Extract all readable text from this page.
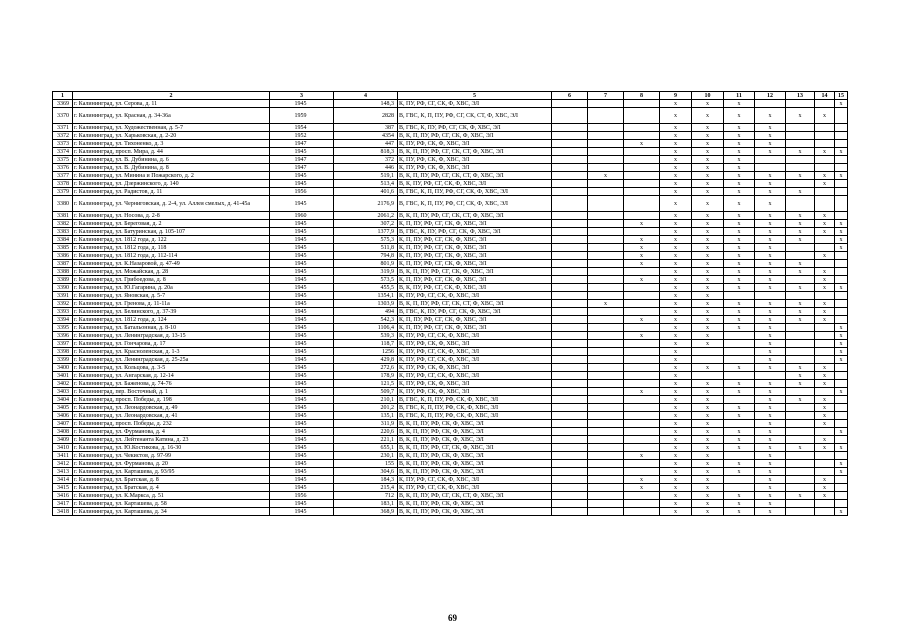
1	2	3	4	5	6	7	8	9	10	11	12	13	14	15
3369	г. Калининград, ул. Серова, д. 11	1945	148,3	К, ПУ, РФ, СГ, СК, Ф, ХВС, ЭЛ				x	x	x				x
3370	г. Калининград, ул. Красная, д. 34-36а	1959	2828	В, ГВС, К, П, ПУ, РФ, СГ, СК, СТ, Ф, ХВС, ЭЛ				x	x	x	x	x	x	
3371	г. Калининград, ул. Художественная, д. 5-7	1954	387	В, ГВС, К, ПУ, РФ, СГ, СК, Ф, ХВС, ЭЛ				x	x	x	x			
3372	г. Калининград, ул. Харьковская, д. 2-20	1952	4354	В, К, П, ПУ, РФ, СГ, СК, Ф, ХВС, ЭЛ				x	x	x	x			
3373	г. Калининград, ул. Тихоненко, д. 3	1947	447	К, ПУ, РФ, СК, Ф, ХВС, ЭЛ			x	x	x	x	x			
3374	г. Калининград, просп. Мира, д. 44	1945	818,3	В, К, П, ПУ, РФ, СГ, СК, СТ, Ф, ХВС, ЭЛ				x	x	x	x	x	x	x
3375	г. Калининград, ул. В. Дубинина, д. 6	1947	372	К, ПУ, РФ, СК, Ф, ХВС, ЭЛ				x	x	x				
3376	г. Калининград, ул. В. Дубинина, д. 8	1947	446	К, ПУ, РФ, СК, Ф, ХВС, ЭЛ				x	x	x				
3377	г. Калининград, ул. Минина и Пожарского, д. 2	1945	519,1	В, К, П, ПУ, РФ, СГ, СК, СТ, Ф, ХВС, ЭЛ		x		x	x	x	x	x	x	x
3378	г. Калининград, ул. Дзержинского, д. 140	1945	513,4	В, К, ПУ, РФ, СГ, СК, Ф, ХВС, ЭЛ				x	x	x	x		x	
3379	г. Калининград, ул. Радистов, д. 11	1956	401,6	В, ГВС, К, П, ПУ, РФ, СГ, СК, Ф, ХВС, ЭЛ				x	x	x	x	x		
3380	г. Калининград, ул. Черниговская, д. 2-4, ул. Аллея смелых, д. 41-45а	1945	2176,9	В, ГВС, К, П, ПУ, РФ, СГ, СК, Ф, ХВС, ЭЛ				x	x	x	x			
3381	г. Калининград, ул. Носова, д. 2-8	1960	2061,2	В, К, П, ПУ, РФ, СГ, СК, СТ, Ф, ХВС, ЭЛ				x	x	x	x	x	x	
3382	г. Калининград, ул. Береговая, д. 2	1945	307,2	К, П, ПУ, РФ, СГ, СК, Ф, ХВС, ЭЛ			x	x	x	x	x	x	x	x
3383	г. Калининград, ул. Батуринская, д. 105-107	1945	1377,9	В, ГВС, К, ПУ, РФ, СГ, СК, Ф, ХВС, ЭЛ				x	x	x	x	x	x	x
3384	г. Калининград, ул. 1812 года, д. 122	1945	575,3	К, П, ПУ, РФ, СГ, СК, Ф, ХВС, ЭЛ			x	x	x	x	x	x		x
3385	г. Калининград, ул. 1812 года, д. 118	1945	511,8	К, П, ПУ, РФ, СГ, СК, Ф, ХВС, ЭЛ			x	x	x	x	x			x
3386	г. Калининград, ул. 1812 года, д. 112-114	1945	794,8	К, П, ПУ, РФ, СГ, СК, Ф, ХВС, ЭЛ			x	x	x	x	x		x	
3387	г. Калининград, ул. К.Назаровой, д. 47-49	1945	801,9	К, П, ПУ, РФ, СГ, СК, Ф, ХВС, ЭЛ			x	x	x	x	x	x		
3388	г. Калининград, ул. Можайская, д. 28	1945	319,9	В, К, П, ПУ, РФ, СГ, СК, Ф, ХВС, ЭЛ				x	x	x	x	x	x	
3389	г. Калининград, ул. Грибоедова, д. 8	1945	573,5	К, П, ПУ, РФ, СГ, СК, Ф, ХВС, ЭЛ			x	x	x	x	x		x	
3390	г. Калининград, ул. Ю.Гагарина, д. 20а	1945	455,5	В, К, ПУ, РФ, СГ, СК, Ф, ХВС, ЭЛ				x	x	x	x	x	x	x
3391	г. Калининград, ул. Яновская, д. 5-7	1945	1354,1	К, ПУ, РФ, СГ, СК, Ф, ХВС, ЭЛ				x	x					
3392	г. Калининград, ул. Гренова, д. 11-11а	1945	1303,9	В, К, П, ПУ, РФ, СГ, СК, СТ, Ф, ХВС, ЭЛ		x		x	x	x	x	x	x	
3393	г. Калининград, ул. Белинского, д. 37-39	1945	494	В, ГВС, К, ПУ, РФ, СГ, СК, Ф, ХВС, ЭЛ				x	x	x	x	x	x	
3394	г. Калининград, ул. 1812 года, д. 124	1945	542,3	К, П, ПУ, РФ, СГ, СК, Ф, ХВС, ЭЛ			x	x	x	x	x	x	x	
3395	г. Калининград, ул. Батальонная, д. 8-10	1945	1106,4	К, П, ПУ, РФ, СГ, СК, Ф, ХВС, ЭЛ				x	x	x	x			x
3396	г. Калининград, ул. Ленинградская, д. 13-15	1945	539,3	К, ПУ, РФ, СГ, СК, Ф, ХВС, ЭЛ			x	x	x		x			x
3397	г. Калининград, ул. Гончарова, д. 17	1945	118,7	К, ПУ, РФ, СК, Ф, ХВС, ЭЛ				x	x		x			x
3398	г. Калининград, ул. Красноленская, д. 1-3	1945	1256	К, ПУ, РФ, СГ, СК, Ф, ХВС, ЭЛ				x			x			x
3399	г. Калининград, ул. Ленинградская, д. 25-25а	1945	429,8	К, ПУ, РФ, СГ, СК, Ф, ХВС, ЭЛ				x			x			x
3400	г. Калининград, ул. Кольцова, д. 3-5	1945	272,6	К, ПУ, РФ, СК, Ф, ХВС, ЭЛ				x	x	x	x	x	x	
3401	г. Калининград, ул. Ангарская, д. 12-14	1945	178,9	К, ПУ, РФ, СГ, СК, Ф, ХВС, ЭЛ				x				x	x	
3402	г. Калининград, ул. Баженова, д. 74-76	1945	121,5	К, ПУ, РФ, СК, Ф, ХВС, ЭЛ				x	x	x	x	x	x	
3403	г. Калининград, пер. Восточный, д. 1	1945	509,7	К, ПУ, РФ, СК, Ф, ХВС, ЭЛ			x	x	x	x	x			x
3404	г. Калининград, просп. Победы, д. 198	1945	210,1	В, ГВС, К, П, ПУ, РФ, СК, Ф, ХВС, ЭЛ				x	x		x	x	x	
3405	г. Калининград, ул. Леонардовская, д. 49	1945	201,2	В, ГВС, К, П, ПУ, РФ, СК, Ф, ХВС, ЭЛ				x	x	x	x		x	
3406	г. Калининград, ул. Леонардовская, д. 41	1945	135,1	В, ГВС, К, П, ПУ, РФ, СК, Ф, ХВС, ЭЛ				x	x	x	x		x	
3407	г. Калининград, просп. Победы, д. 232	1945	311,9	В, К, П, ПУ, РФ, СК, Ф, ХВС, ЭЛ				x	x		x		x	
3408	г. Калининград, ул. Фурманова, д. 4	1945	220,6	В, К, П, ПУ, РФ, СК, Ф, ХВС, ЭЛ				x	x	x	x			x
3409	г. Калининград, ул. Лейтенанта Катина, д. 23	1945	221,1	В, К, П, ПУ, РФ, СК, Ф, ХВС, ЭЛ				x	x	x	x		x	
3410	г. Калининград, ул. Ю.Костикова, д. 16-30	1945	655,1	В, К, П, ПУ, РФ, СГ, СК, Ф, ХВС, ЭЛ				x	x	x	x	x	x	x
3411	г. Калининград, ул. Чекистов, д. 97-99	1945	230,1	В, К, П, ПУ, РФ, СК, Ф, ХВС, ЭЛ			x	x	x		x			
3412	г. Калининград, ул. Фурманова, д. 20	1945	155	В, К, П, ПУ, РФ, СК, Ф, ХВС, ЭЛ				x	x	x	x			x
3413	г. Калининград, ул. Карташева, д. 93/95	1945	304,6	В, К, П, ПУ, РФ, СК, Ф, ХВС, ЭЛ				x	x	x	x			x
3414	г. Калининград, ул. Братская, д. 8	1945	184,3	К, ПУ, РФ, СГ, СК, Ф, ХВС, ЭЛ			x	x	x		x		x	
3415	г. Калининград, ул. Братская, д. 4	1945	215,4	К, ПУ, РФ, СГ, СК, Ф, ХВС, ЭЛ			x	x	x		x		x	
3416	г. Калининград, ул. К.Маркса, д. 51	1956	712	В, К, П, ПУ, РФ, СГ, СК, СТ, Ф, ХВС, ЭЛ				x	x	x	x	x	x	
3417	г. Калининград, ул. Карташева, д. 58	1945	183,1	В, К, П, ПУ, РФ, СК, Ф, ХВС, ЭЛ				x	x	x	x			
3418	г. Калининград, ул. Карташева, д. 34	1945	368,9	В, К, П, ПУ, РФ, СК, Ф, ХВС, ЭЛ				x	x	x	x			x
69
